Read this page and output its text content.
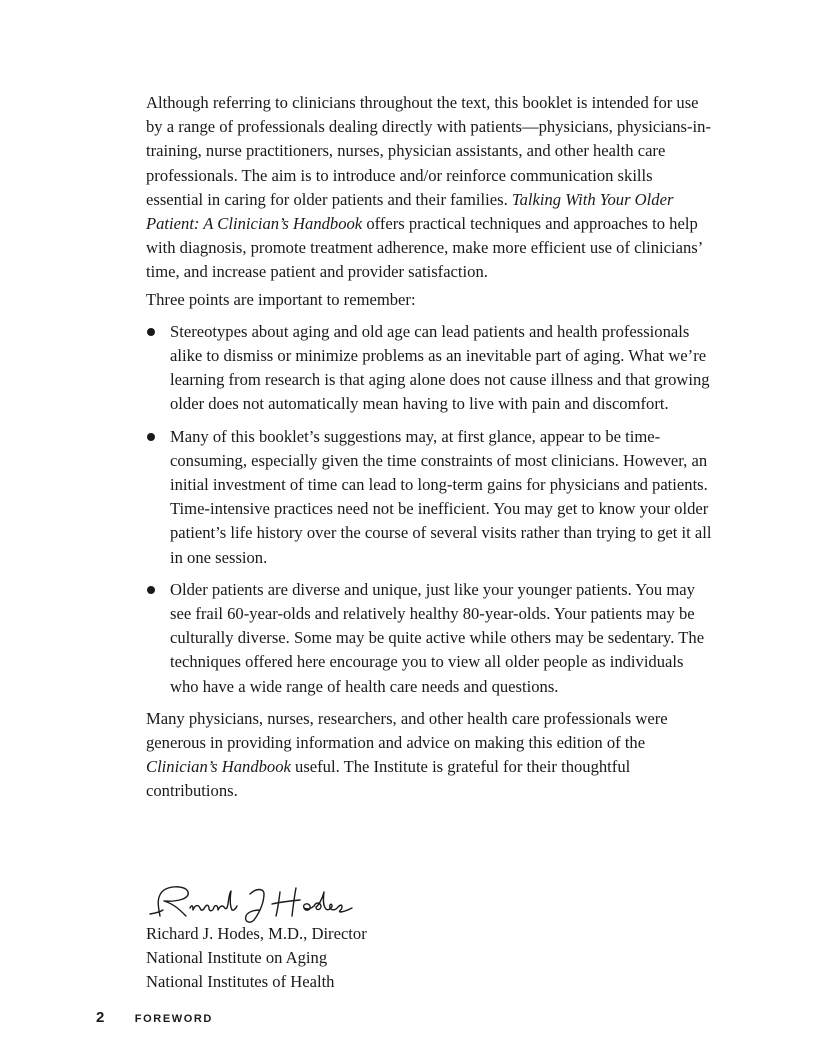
Although referring to clinicians throughout the text, this booklet is intended for use by a range of professionals dealing directly with patients—physicians, physicians-in-training, nurse practitioners, nurses, physician assistants, and other health care professionals. The aim is to introduce and/or reinforce communication skills essential in caring for older patients and their families. Talking With Your Older Patient: A Clinician’s Handbook offers practical techniques and approaches to help with diagnosis, promote treatment adherence, make more efficient use of clinicians’ time, and increase patient and provider satisfaction.

Three points are important to remember:

Stereotypes about aging and old age can lead patients and health professionals alike to dismiss or minimize problems as an inevitable part of aging. What we’re learning from research is that aging alone does not cause illness and that growing older does not automatically mean having to live with pain and discomfort.
Many of this booklet’s suggestions may, at first glance, appear to be time-consuming, especially given the time constraints of most clinicians. However, an initial investment of time can lead to long-term gains for physicians and patients. Time-intensive practices need not be inefficient. You may get to know your older patient’s life history over the course of several visits rather than trying to get it all in one session.
Older patients are diverse and unique, just like your younger patients. You may see frail 60-year-olds and relatively healthy 80-year-olds. Your patients may be culturally diverse. Some may be quite active while others may be sedentary. The techniques offered here encourage you to view all older people as individuals who have a wide range of health care needs and questions.

Many physicians, nurses, researchers, and other health care professionals were generous in providing information and advice on making this edition of the Clinician’s Handbook useful. The Institute is grateful for their thoughtful contributions.

Richard J. Hodes, M.D., Director
National Institute on Aging
National Institutes of Health
2	FOREWORD
